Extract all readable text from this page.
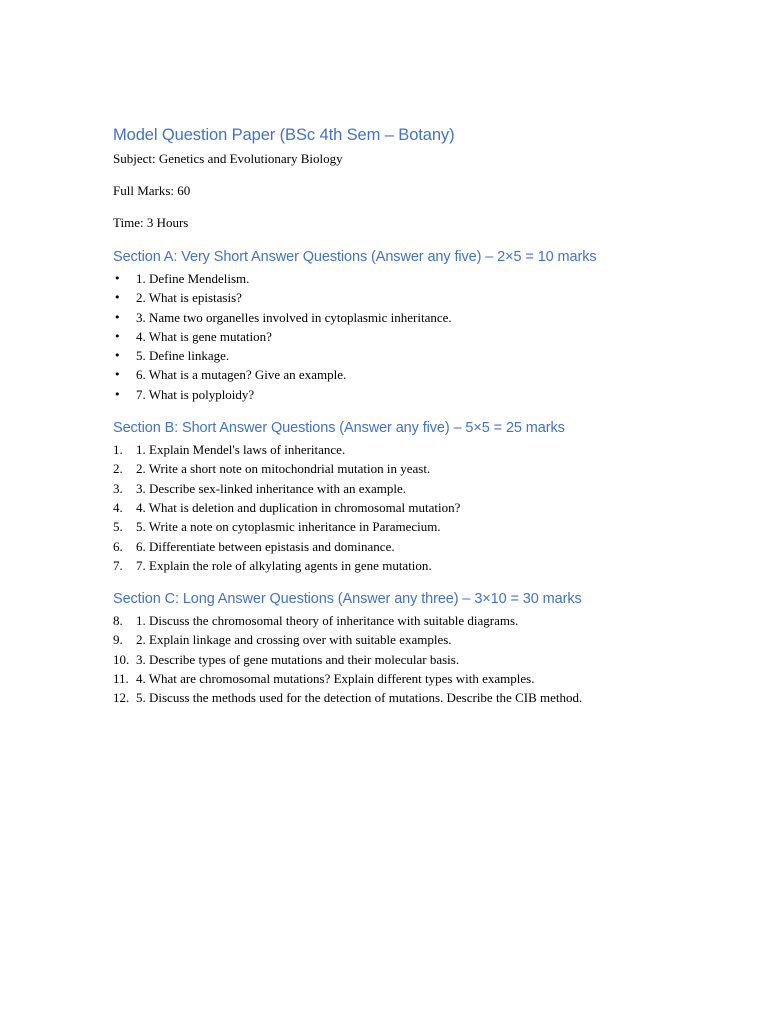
Model Question Paper (BSc 4th Sem – Botany)

Subject: Genetics and Evolutionary Biology

Full Marks: 60

Time: 3 Hours

Section A: Very Short Answer Questions (Answer any five) – 2×5 = 10 marks
• 1. Define Mendelism.
• 2. What is epistasis?
• 3. Name two organelles involved in cytoplasmic inheritance.
• 4. What is gene mutation?
• 5. Define linkage.
• 6. What is a mutagen? Give an example.
• 7. What is polyploidy?
Section B: Short Answer Questions (Answer any five) – 5×5 = 25 marks
1. 1. Explain Mendel's laws of inheritance.
2. 2. Write a short note on mitochondrial mutation in yeast.
3. 3. Describe sex-linked inheritance with an example.
4. 4. What is deletion and duplication in chromosomal mutation?
5. 5. Write a note on cytoplasmic inheritance in Paramecium.
6. 6. Differentiate between epistasis and dominance.
7. 7. Explain the role of alkylating agents in gene mutation.
Section C: Long Answer Questions (Answer any three) – 3×10 = 30 marks
8. 1. Discuss the chromosomal theory of inheritance with suitable diagrams.
9. 2. Explain linkage and crossing over with suitable examples.
10. 3. Describe types of gene mutations and their molecular basis.
11. 4. What are chromosomal mutations? Explain different types with examples.
12. 5. Discuss the methods used for the detection of mutations. Describe the CIB method.
